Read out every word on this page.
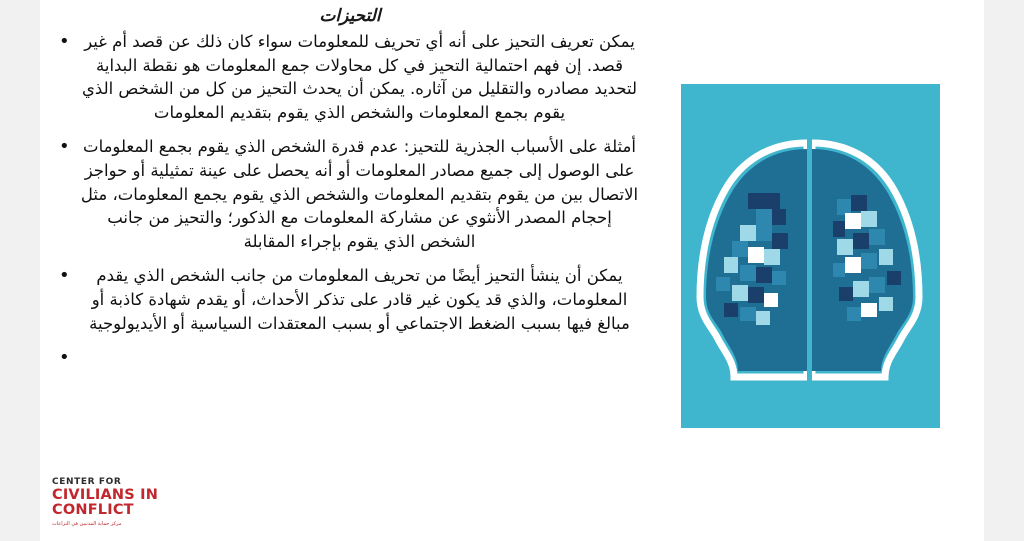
التحيزات
يمكن تعريف التحيز على أنه أي تحريف للمعلومات سواء كان ذلك عن قصد أم غير قصد. إن فهم احتمالية التحيز في كل محاولات جمع المعلومات هو نقطة البداية لتحديد مصادره والتقليل من آثاره. يمكن أن يحدث التحيز من كل من الشخص الذي يقوم بجمع المعلومات والشخص الذي يقوم بتقديم المعلومات •
أمثلة على الأسباب الجذرية للتحيز: عدم قدرة الشخص الذي يقوم بجمع المعلومات على الوصول إلى جميع مصادر المعلومات أو أنه يحصل على عينة تمثيلية أو حواجز الاتصال بين من يقوم بتقديم المعلومات والشخص الذي يقوم يجمع المعلومات، مثل إحجام المصدر الأنثوي عن مشاركة المعلومات مع الذكور؛ والتحيز من جانب الشخص الذي يقوم بإجراء المقابلة •
يمكن أن ينشأ التحيز أيضًا من تحريف المعلومات من جانب الشخص الذي يقدم المعلومات، والذي قد يكون غير قادر على تذكر الأحداث، أو يقدم شهادة كاذبة أو مبالغ فيها بسبب الضغط الاجتماعي أو بسبب المعتقدات السياسية أو الأيديولوجية •
•
CENTER FOR
CIVILIANS IN CONFLICT
مركز حماية المدنيين في النزاعات
